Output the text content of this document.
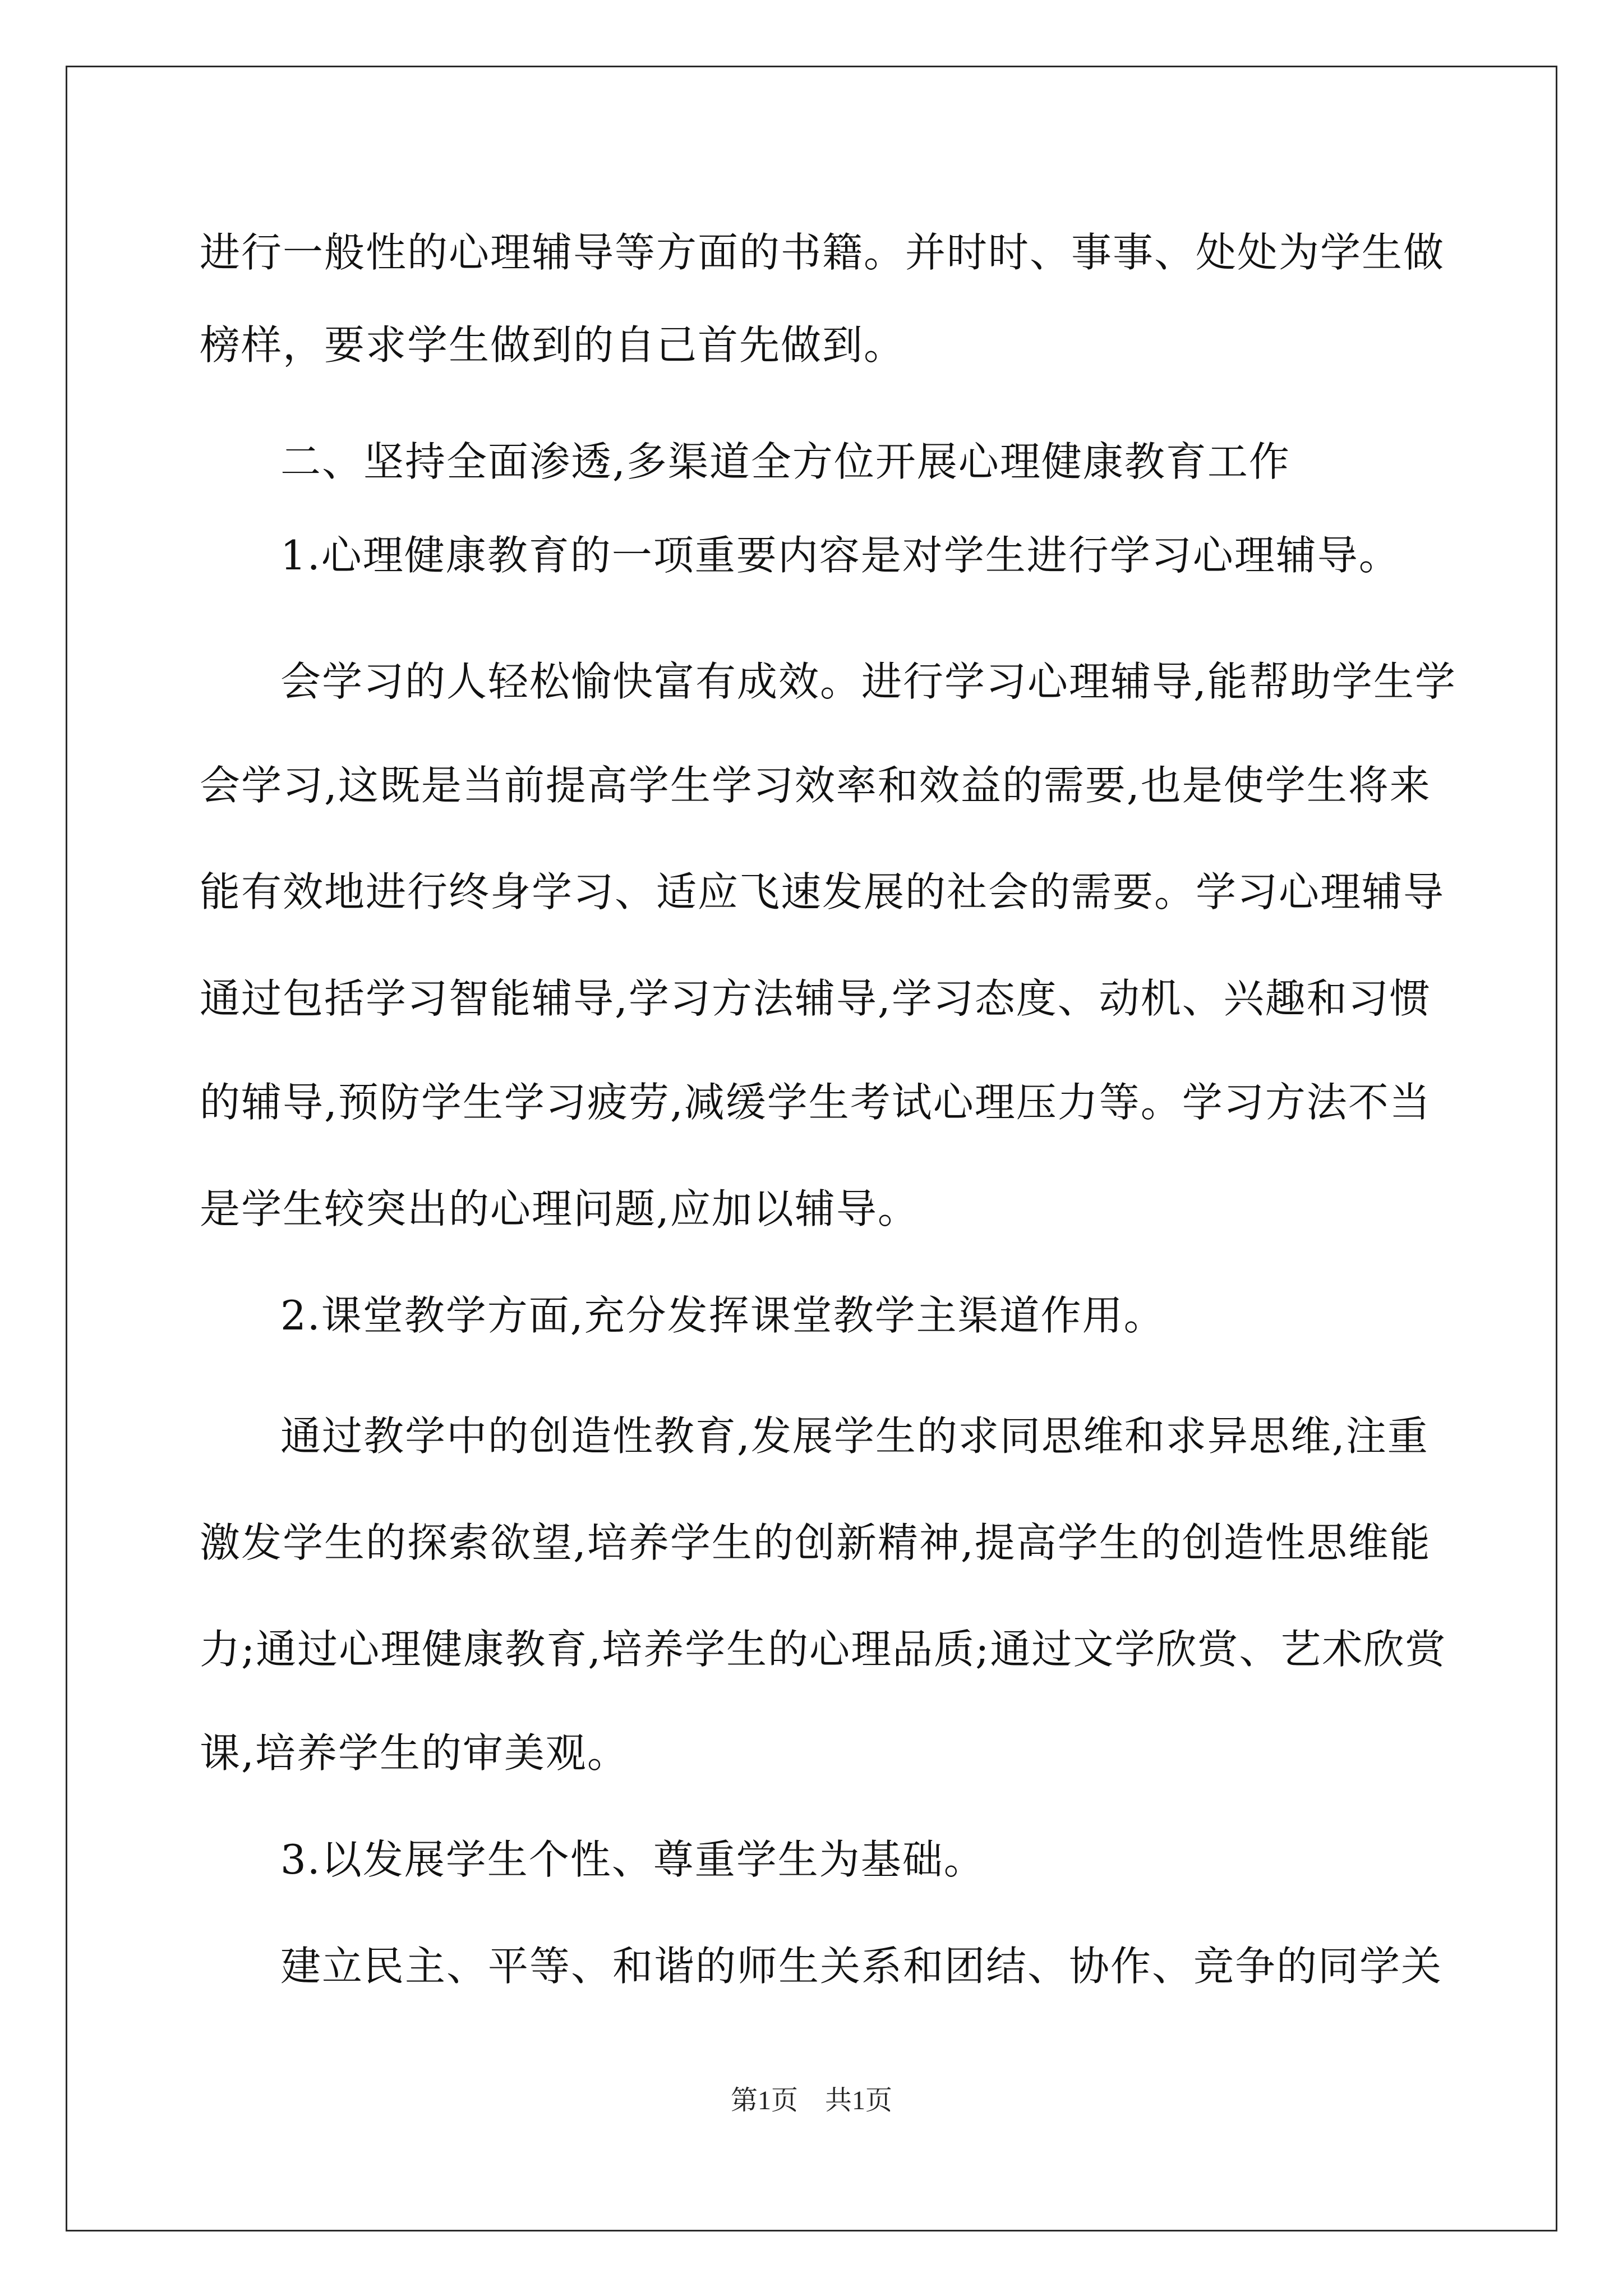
进行一般性的心理辅导等方面的书籍。并时时、事事、处处为学生做
榜样，要求学生做到的自己首先做到。
二、坚持全面渗透,多渠道全方位开展心理健康教育工作
1.心理健康教育的一项重要内容是对学生进行学习心理辅导。
会学习的人轻松愉快富有成效。进行学习心理辅导,能帮助学生学
会学习,这既是当前提高学生学习效率和效益的需要,也是使学生将来
能有效地进行终身学习、适应飞速发展的社会的需要。学习心理辅导
通过包括学习智能辅导,学习方法辅导,学习态度、动机、兴趣和习惯
的辅导,预防学生学习疲劳,减缓学生考试心理压力等。学习方法不当
是学生较突出的心理问题,应加以辅导。
2.课堂教学方面,充分发挥课堂教学主渠道作用。
通过教学中的创造性教育,发展学生的求同思维和求异思维,注重
激发学生的探索欲望,培养学生的创新精神,提高学生的创造性思维能
力;通过心理健康教育,培养学生的心理品质;通过文学欣赏、艺术欣赏
课,培养学生的审美观。
3.以发展学生个性、尊重学生为基础。
建立民主、平等、和谐的师生关系和团结、协作、竞争的同学关
第1页　共1页
